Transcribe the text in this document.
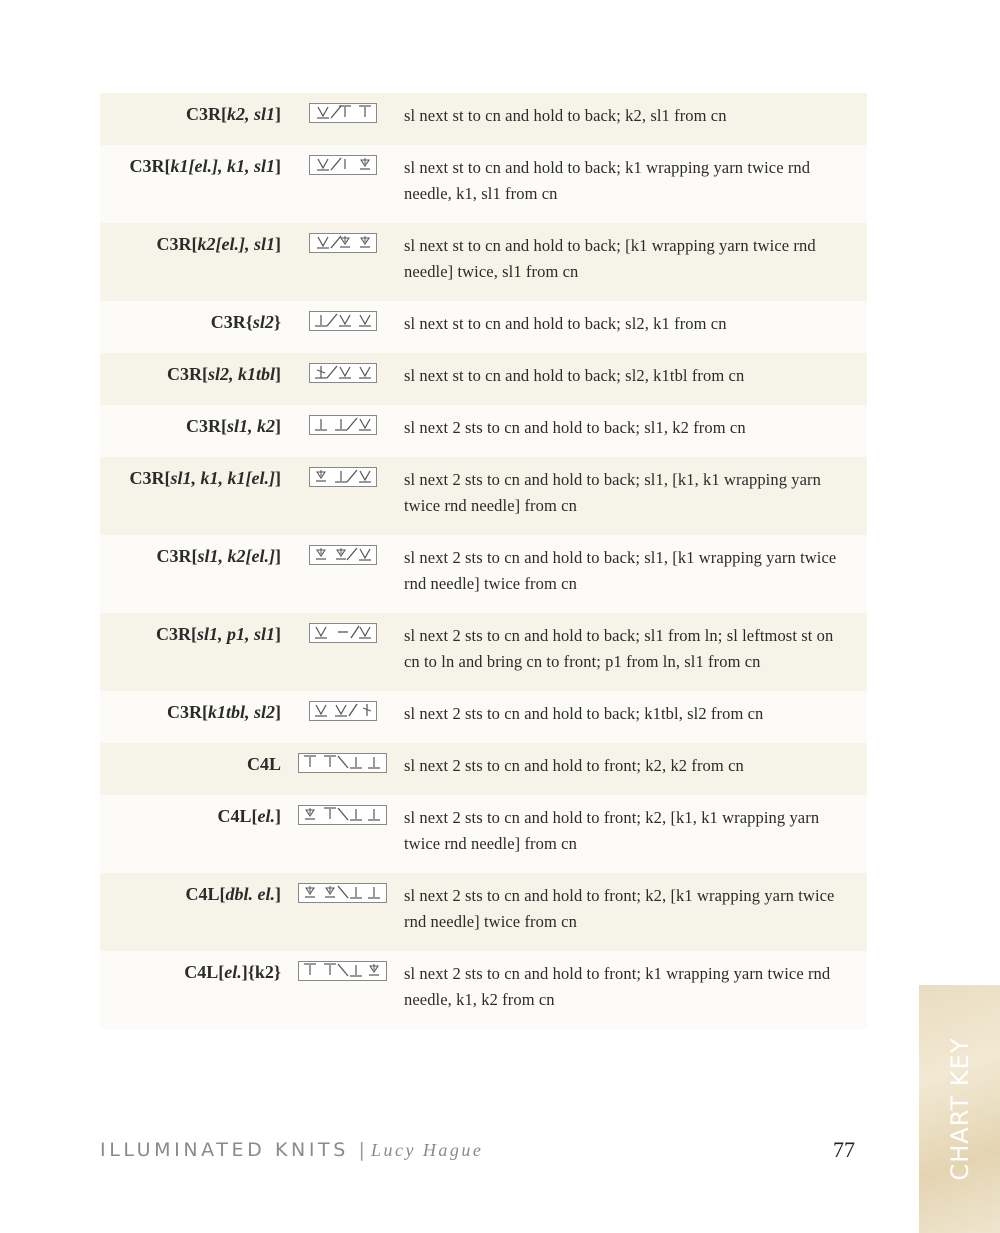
C3R[k2, sl1]	sl next st to cn and hold to back; k2, sl1 from cn
C3R[k1[el.], k1, sl1]	sl next st to cn and hold to back; k1 wrapping yarn twice rnd needle, k1, sl1 from cn
C3R[k2[el.], sl1]	sl next st to cn and hold to back; [k1 wrapping yarn twice rnd needle] twice, sl1 from cn
C3R{sl2}	sl next st to cn and hold to back; sl2, k1 from cn
C3R[sl2, k1tbl]	sl next st to cn and hold to back; sl2, k1tbl from cn
C3R[sl1, k2]	sl next 2 sts to cn and hold to back; sl1, k2 from cn
C3R[sl1, k1, k1[el.]]	sl next 2 sts to cn and hold to back; sl1, [k1, k1 wrapping yarn twice rnd needle] from cn
C3R[sl1, k2[el.]]	sl next 2 sts to cn and hold to back; sl1, [k1 wrapping yarn twice rnd needle] twice from cn
C3R[sl1, p1, sl1]	sl next 2 sts to cn and hold to back; sl1 from ln; sl leftmost st on cn to ln and bring cn to front; p1 from ln, sl1 from cn
C3R[k1tbl, sl2]	sl next 2 sts to cn and hold to back; k1tbl, sl2 from cn
C4L	sl next 2 sts to cn and hold to front; k2, k2 from cn
C4L[el.]	sl next 2 sts to cn and hold to front; k2, [k1, k1 wrapping yarn twice rnd needle] from cn
C4L[dbl. el.]	sl next 2 sts to cn and hold to front; k2, [k1 wrapping yarn twice rnd needle] twice from cn
C4L[el.]{k2}	sl next 2 sts to cn and hold to front; k1 wrapping yarn twice rnd needle, k1, k2 from cn
ILLUMINATED KNITS | Lucy Hague	77	CHART KEY
